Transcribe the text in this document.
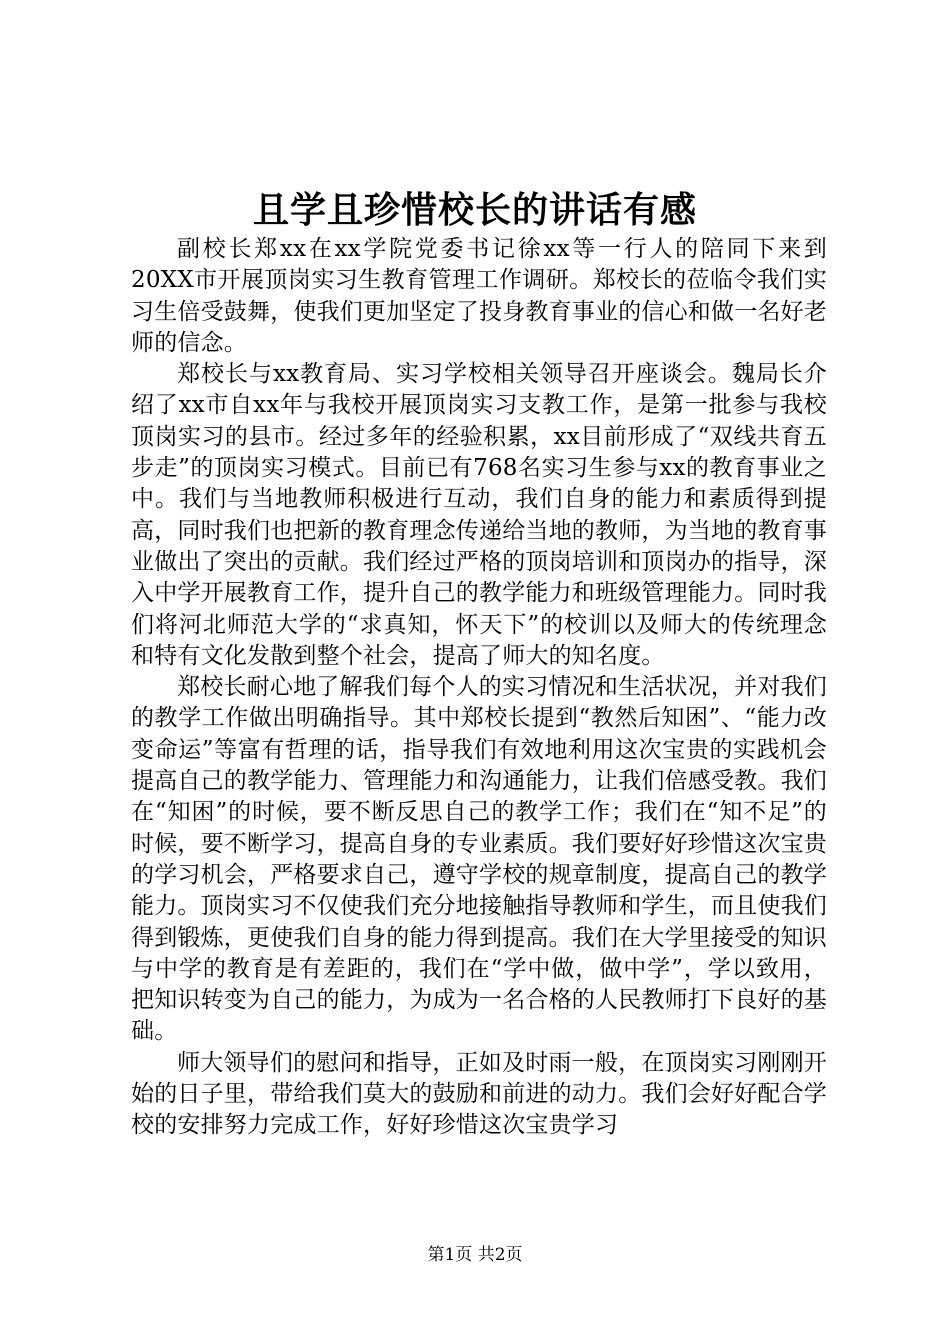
且学且珍惜校长的讲话有感

副校长郑xx在xx学院党委书记徐xx等一行人的陪同下来到20XX市开展顶岗实习生教育管理工作调研。郑校长的莅临令我们实习生倍受鼓舞，使我们更加坚定了投身教育事业的信心和做一名好老师的信念。

郑校长与xx教育局、实习学校相关领导召开座谈会。魏局长介绍了xx市自xx年与我校开展顶岗实习支教工作，是第一批参与我校顶岗实习的县市。经过多年的经验积累，xx目前形成了“双线共育五步走”的顶岗实习模式。目前已有768名实习生参与xx的教育事业之中。我们与当地教师积极进行互动，我们自身的能力和素质得到提高，同时我们也把新的教育理念传递给当地的教师，为当地的教育事业做出了突出的贡献。我们经过严格的顶岗培训和顶岗办的指导，深入中学开展教育工作，提升自己的教学能力和班级管理能力。同时我们将河北师范大学的“求真知，怀天下”的校训以及师大的传统理念和特有文化发散到整个社会，提高了师大的知名度。

郑校长耐心地了解我们每个人的实习情况和生活状况，并对我们的教学工作做出明确指导。其中郑校长提到“教然后知困”、“能力改变命运”等富有哲理的话，指导我们有效地利用这次宝贵的实践机会提高自己的教学能力、管理能力和沟通能力，让我们倍感受教。我们在“知困”的时候，要不断反思自己的教学工作；我们在“知不足”的时候，要不断学习，提高自身的专业素质。我们要好好珍惜这次宝贵的学习机会，严格要求自己，遵守学校的规章制度，提高自己的教学能力。顶岗实习不仅使我们充分地接触指导教师和学生，而且使我们得到锻炼，更使我们自身的能力得到提高。我们在大学里接受的知识与中学的教育是有差距的，我们在“学中做，做中学”，学以致用，把知识转变为自己的能力，为成为一名合格的人民教师打下良好的基础。

师大领导们的慰问和指导，正如及时雨一般，在顶岗实习刚刚开始的日子里，带给我们莫大的鼓励和前进的动力。我们会好好配合学校的安排努力完成工作，好好珍惜这次宝贵学习

第1页 共2页
